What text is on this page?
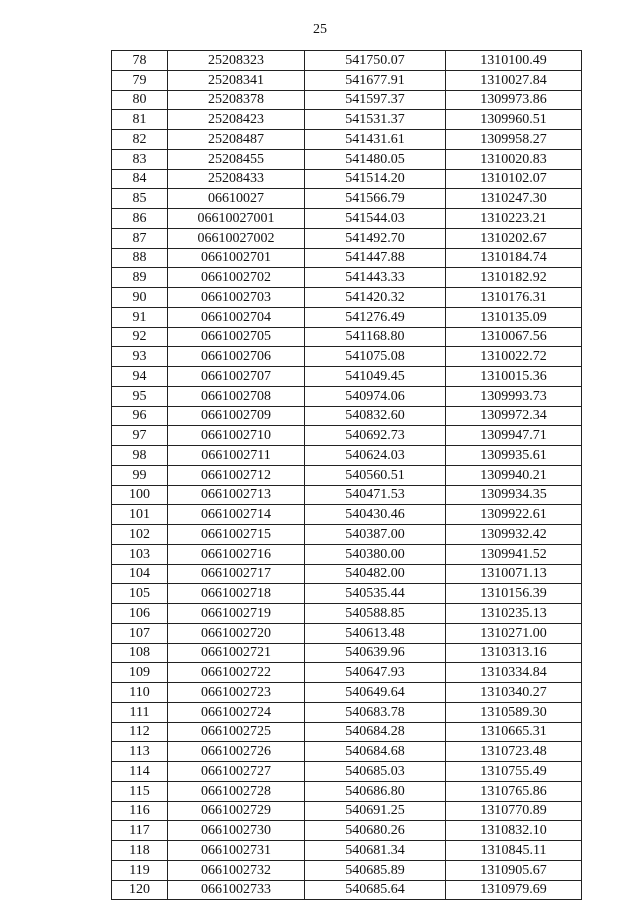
25
78	25208323	541750.07	1310100.49
79	25208341	541677.91	1310027.84
80	25208378	541597.37	1309973.86
81	25208423	541531.37	1309960.51
82	25208487	541431.61	1309958.27
83	25208455	541480.05	1310020.83
84	25208433	541514.20	1310102.07
85	06610027	541566.79	1310247.30
86	06610027001	541544.03	1310223.21
87	06610027002	541492.70	1310202.67
88	0661002701	541447.88	1310184.74
89	0661002702	541443.33	1310182.92
90	0661002703	541420.32	1310176.31
91	0661002704	541276.49	1310135.09
92	0661002705	541168.80	1310067.56
93	0661002706	541075.08	1310022.72
94	0661002707	541049.45	1310015.36
95	0661002708	540974.06	1309993.73
96	0661002709	540832.60	1309972.34
97	0661002710	540692.73	1309947.71
98	0661002711	540624.03	1309935.61
99	0661002712	540560.51	1309940.21
100	0661002713	540471.53	1309934.35
101	0661002714	540430.46	1309922.61
102	0661002715	540387.00	1309932.42
103	0661002716	540380.00	1309941.52
104	0661002717	540482.00	1310071.13
105	0661002718	540535.44	1310156.39
106	0661002719	540588.85	1310235.13
107	0661002720	540613.48	1310271.00
108	0661002721	540639.96	1310313.16
109	0661002722	540647.93	1310334.84
110	0661002723	540649.64	1310340.27
111	0661002724	540683.78	1310589.30
112	0661002725	540684.28	1310665.31
113	0661002726	540684.68	1310723.48
114	0661002727	540685.03	1310755.49
115	0661002728	540686.80	1310765.86
116	0661002729	540691.25	1310770.89
117	0661002730	540680.26	1310832.10
118	0661002731	540681.34	1310845.11
119	0661002732	540685.89	1310905.67
120	0661002733	540685.64	1310979.69
